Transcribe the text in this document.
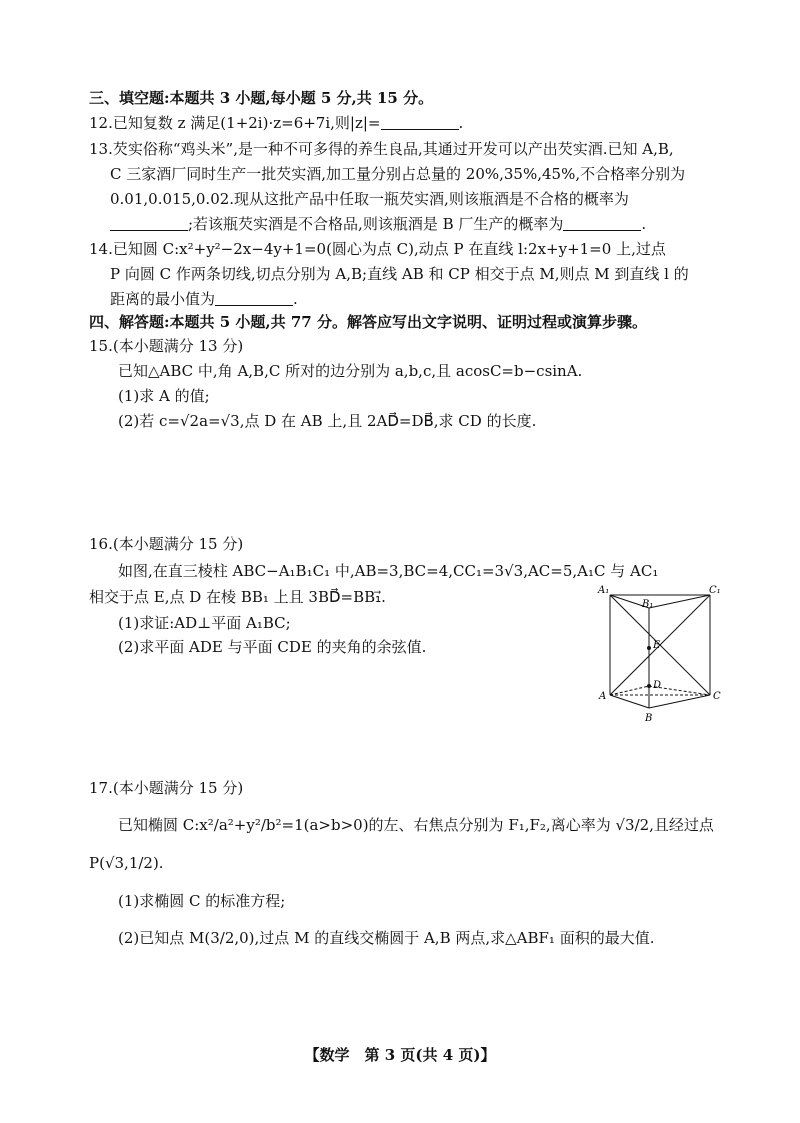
三、填空题:本题共 3 小题,每小题 5 分,共 15 分。
12.已知复数 z 满足(1+2i)·z=6+7i,则|z|=	.
13.芡实俗称“鸡头米”,是一种不可多得的养生良品,其通过开发可以产出芡实酒.已知 A,B,
C 三家酒厂同时生产一批芡实酒,加工量分别占总量的 20%,35%,45%,不合格率分别为
0.01,0.015,0.02.现从这批产品中任取一瓶芡实酒,则该瓶酒是不合格的概率为
;若该瓶芡实酒是不合格品,则该瓶酒是 B 厂生产的概率为	.
14.已知圆 C:x²+y²−2x−4y+1=0(圆心为点 C),动点 P 在直线 l:2x+y+1=0 上,过点
P 向圆 C 作两条切线,切点分别为 A,B;直线 AB 和 CP 相交于点 M,则点 M 到直线 l 的
距离的最小值为	.
四、解答题:本题共 5 小题,共 77 分。解答应写出文字说明、证明过程或演算步骤。
15.(本小题满分 13 分)
已知△ABC 中,角 A,B,C 所对的边分别为 a,b,c,且 acosC=b−csinA.
(1)求 A 的值;
(2)若 c=√2a=√3,点 D 在 AB 上,且 2AD⃗=DB⃗,求 CD 的长度.
16.(本小题满分 15 分)
如图,在直三棱柱 ABC−A₁B₁C₁ 中,AB=3,BC=4,CC₁=3√3,AC=5,A₁C 与 AC₁
相交于点 E,点 D 在棱 BB₁ 上且 3BD⃗=BB₁⃗.
(1)求证:AD⊥平面 A₁BC;
(2)求平面 ADE 与平面 CDE 的夹角的余弦值.
A₁
B₁
C₁
E
D
A
B
C
17.(本小题满分 15 分)
已知椭圆 C:x²/a²+y²/b²=1(a>b>0)的左、右焦点分别为 F₁,F₂,离心率为 √3/2,且经过点
P(√3,1/2).
(1)求椭圆 C 的标准方程;
(2)已知点 M(3/2,0),过点 M 的直线交椭圆于 A,B 两点,求△ABF₁ 面积的最大值.
【数学　第 3 页(共 4 页)】
